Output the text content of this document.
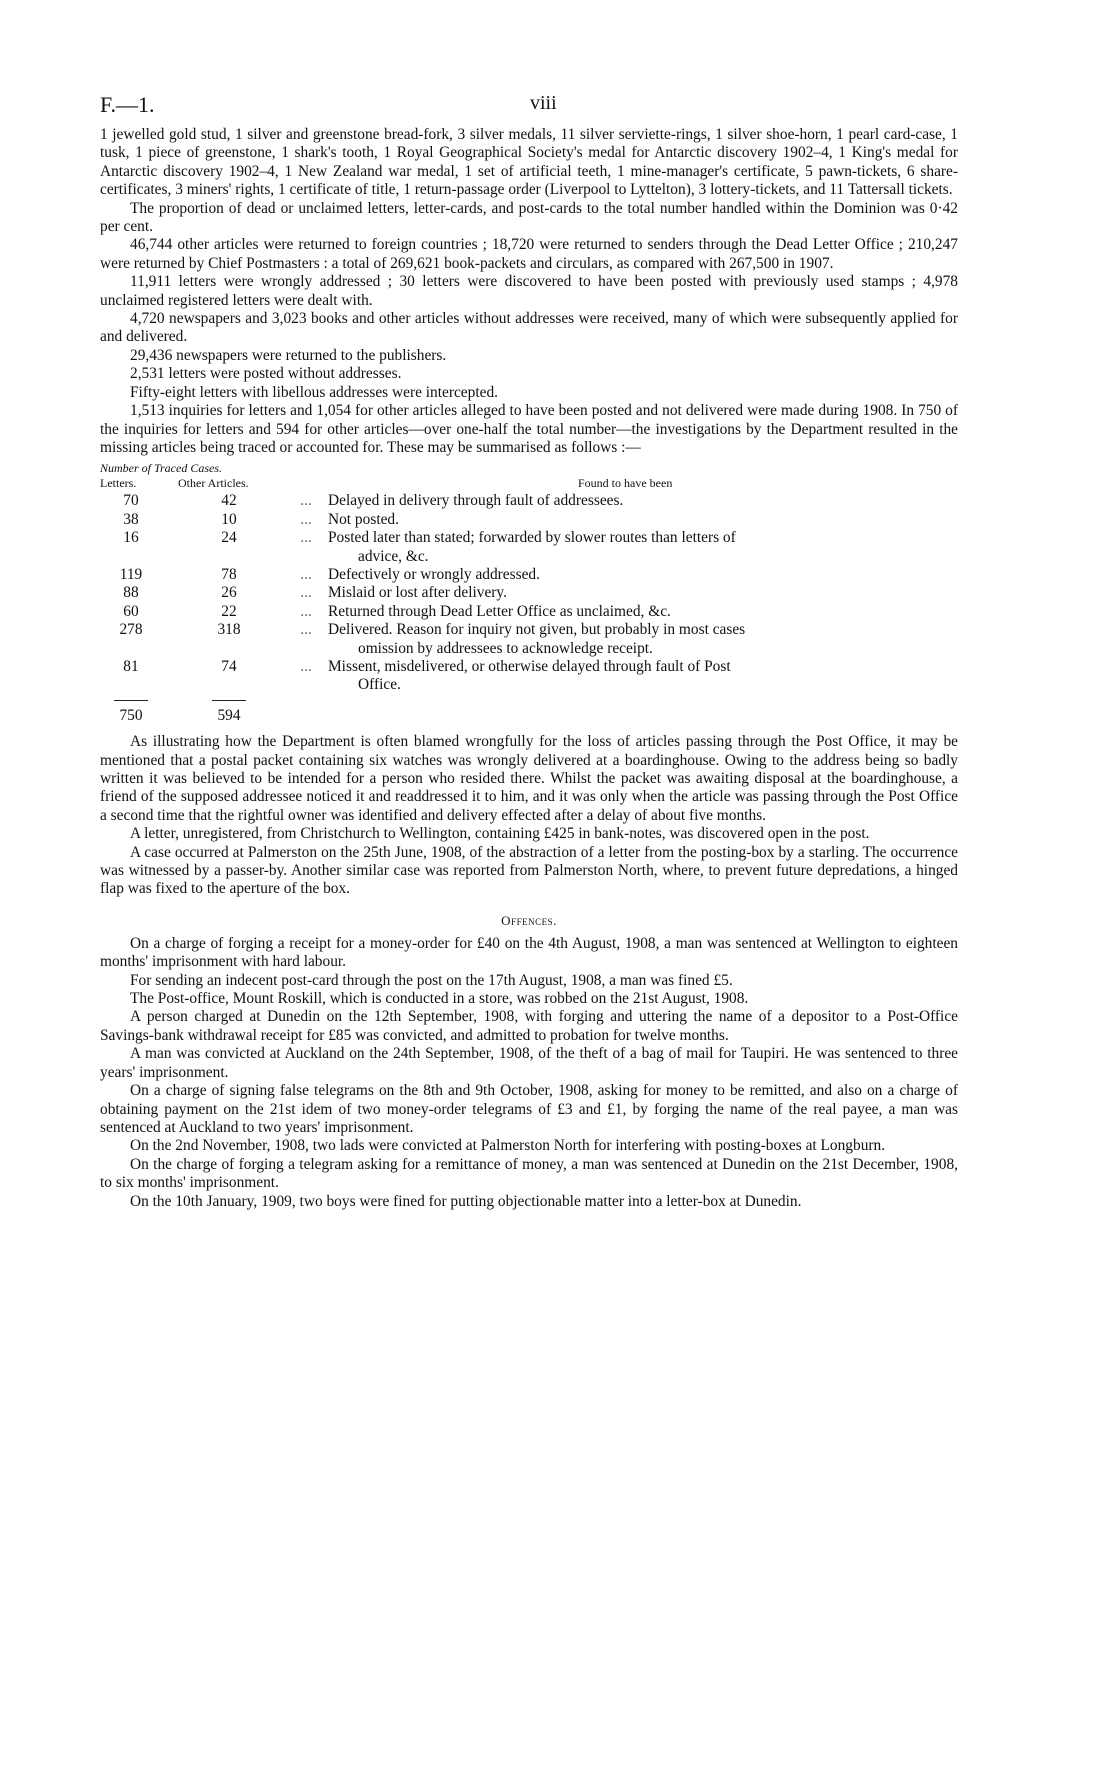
F.—1.	viii

1 jewelled gold stud, 1 silver and greenstone bread-fork, 3 silver medals, 11 silver serviette-rings, 1 silver shoe-horn, 1 pearl card-case, 1 tusk, 1 piece of greenstone, 1 shark's tooth, 1 Royal Geographical Society's medal for Antarctic discovery 1902–4, 1 King's medal for Antarctic discovery 1902–4, 1 New Zealand war medal, 1 set of artificial teeth, 1 mine-manager's certificate, 5 pawn-tickets, 6 share-certificates, 3 miners' rights, 1 certificate of title, 1 return-passage order (Liverpool to Lyttelton), 3 lottery-tickets, and 11 Tattersall tickets.

The proportion of dead or unclaimed letters, letter-cards, and post-cards to the total number handled within the Dominion was 0·42 per cent.

46,744 other articles were returned to foreign countries ; 18,720 were returned to senders through the Dead Letter Office ; 210,247 were returned by Chief Postmasters : a total of 269,621 book-packets and circulars, as compared with 267,500 in 1907.

11,911 letters were wrongly addressed ; 30 letters were discovered to have been posted with previously used stamps ; 4,978 unclaimed registered letters were dealt with.

4,720 newspapers and 3,023 books and other articles without addresses were received, many of which were subsequently applied for and delivered.

29,436 newspapers were returned to the publishers.

2,531 letters were posted without addresses.

Fifty-eight letters with libellous addresses were intercepted.

1,513 inquiries for letters and 1,054 for other articles alleged to have been posted and not delivered were made during 1908. In 750 of the inquiries for letters and 594 for other articles—over one-half the total number—the investigations by the Department resulted in the missing articles being traced or accounted for. These may be summarised as follows :—

Number of Traced Cases.
Letters.	Other Articles.	Found to have been
70	42	...	Delayed in delivery through fault of addressees.
38	10	...	Not posted.
16	24	...	Posted later than stated; forwarded by slower routes than letters of
advice, &c.
119	78	...	Defectively or wrongly addressed.
88	26	...	Mislaid or lost after delivery.
60	22	...	Returned through Dead Letter Office as unclaimed, &c.
278	318	...	Delivered. Reason for inquiry not given, but probably in most cases
omission by addressees to acknowledge receipt.
81	74	...	Missent, misdelivered, or otherwise delayed through fault of Post
Office.
750	594

As illustrating how the Department is often blamed wrongfully for the loss of articles passing through the Post Office, it may be mentioned that a postal packet containing six watches was wrongly delivered at a boardinghouse. Owing to the address being so badly written it was believed to be intended for a person who resided there. Whilst the packet was awaiting disposal at the boardinghouse, a friend of the supposed addressee noticed it and readdressed it to him, and it was only when the article was passing through the Post Office a second time that the rightful owner was identified and delivery effected after a delay of about five months.

A letter, unregistered, from Christchurch to Wellington, containing £425 in bank-notes, was discovered open in the post.

A case occurred at Palmerston on the 25th June, 1908, of the abstraction of a letter from the posting-box by a starling. The occurrence was witnessed by a passer-by. Another similar case was reported from Palmerston North, where, to prevent future depredations, a hinged flap was fixed to the aperture of the box.

Offences.

On a charge of forging a receipt for a money-order for £40 on the 4th August, 1908, a man was sentenced at Wellington to eighteen months' imprisonment with hard labour.

For sending an indecent post-card through the post on the 17th August, 1908, a man was fined £5.

The Post-office, Mount Roskill, which is conducted in a store, was robbed on the 21st August, 1908.

A person charged at Dunedin on the 12th September, 1908, with forging and uttering the name of a depositor to a Post-Office Savings-bank withdrawal receipt for £85 was convicted, and admitted to probation for twelve months.

A man was convicted at Auckland on the 24th September, 1908, of the theft of a bag of mail for Taupiri. He was sentenced to three years' imprisonment.

On a charge of signing false telegrams on the 8th and 9th October, 1908, asking for money to be remitted, and also on a charge of obtaining payment on the 21st idem of two money-order telegrams of £3 and £1, by forging the name of the real payee, a man was sentenced at Auckland to two years' imprisonment.

On the 2nd November, 1908, two lads were convicted at Palmerston North for interfering with posting-boxes at Longburn.

On the charge of forging a telegram asking for a remittance of money, a man was sentenced at Dunedin on the 21st December, 1908, to six months' imprisonment.

On the 10th January, 1909, two boys were fined for putting objectionable matter into a letter-box at Dunedin.
